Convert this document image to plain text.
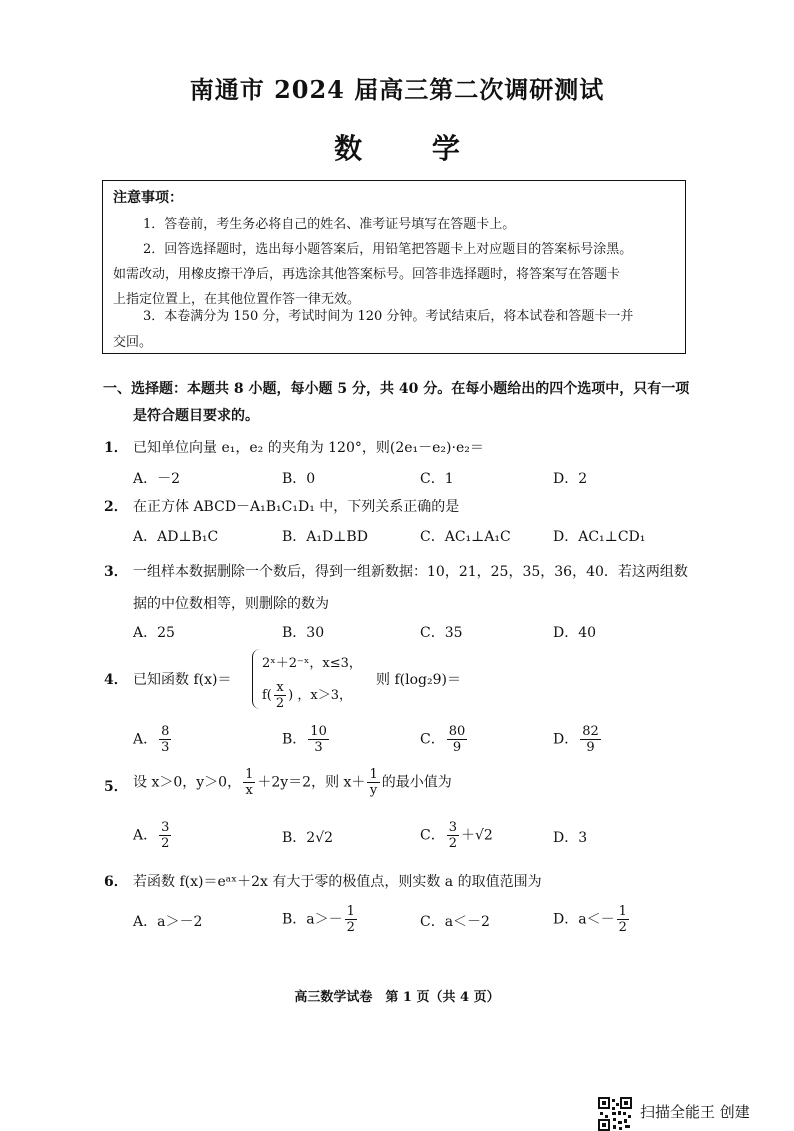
南通市 2024 届高三第二次调研测试
数 学
注意事项：
1．答卷前，考生务必将自己的姓名、准考证号填写在答题卡上。
2．回答选择题时，选出每小题答案后，用铅笔把答题卡上对应题目的答案标号涂黑。
如需改动，用橡皮擦干净后，再选涂其他答案标号。回答非选择题时，将答案写在答题卡
上指定位置上，在其他位置作答一律无效。
3．本卷满分为 150 分，考试时间为 120 分钟。考试结束后，将本试卷和答题卡一并
交回。
一、选择题：本题共 8 小题，每小题 5 分，共 40 分。在每小题给出的四个选项中，只有一项
是符合题目要求的。
1． 已知单位向量 e₁，e₂ 的夹角为 120°，则(2e₁－e₂)·e₂＝
A．－2	B．0	C．1	D．2
2． 在正方体 ABCD－A₁B₁C₁D₁ 中，下列关系正确的是
A．AD⊥B₁C	B．A₁D⊥BD	C．AC₁⊥A₁C	D．AC₁⊥CD₁
3． 一组样本数据删除一个数后，得到一组新数据：10，21，25，35，36，40．若这两组数
据的中位数相等，则删除的数为
A．25	B．30	C．35	D．40
4． 已知函数 f(x)＝
2ˣ＋2⁻ˣ，x≤3，
$f( \frac{x}{2}$ ) ，x＞3，
则 f(log₂9)＝
A． $\frac{8}{3}$	B． $\frac{10}{3}$	C． $\frac{80}{9}$	D． $\frac{82}{9}$
5． 设 x＞0，y＞0， $\frac{1}{x} +2y=2$，则 $x+ \frac{1}{y}$ 的最小值为
A． $\frac{3}{2}$	B．2√2	C． $\frac{3}{2} +√2$	D．3
6． 若函数 f(x)＝eᵃˣ＋2x 有大于零的极值点，则实数 a 的取值范围为
A．a＞－2	B．$a>- \frac{1}{2}$	C．a＜－2	D．$a<- \frac{1}{2}$
高三数学试卷　第 1 页（共 4 页）
扫描全能王 创建
